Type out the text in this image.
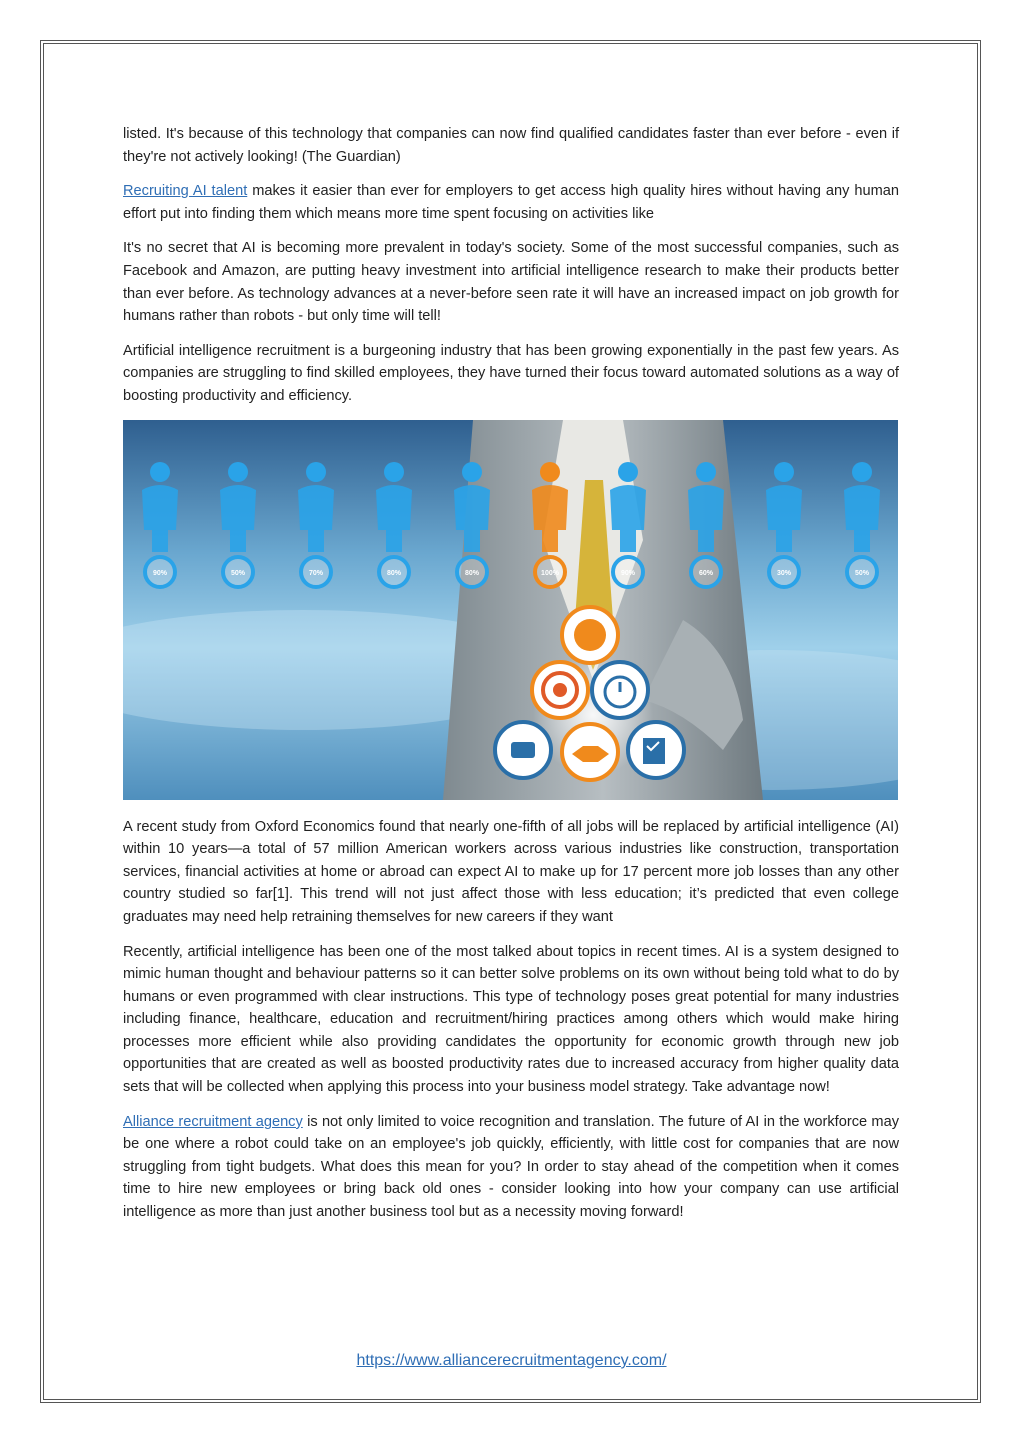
listed. It's because of this technology that companies can now find qualified candidates faster than ever before - even if they're not actively looking! (The Guardian)

Recruiting AI talent makes it easier than ever for employers to get access high quality hires without having any human effort put into finding them which means more time spent focusing on activities like

It's no secret that AI is becoming more prevalent in today's society. Some of the most successful companies, such as Facebook and Amazon, are putting heavy investment into artificial intelligence research to make their products better than ever before. As technology advances at a never-before seen rate it will have an increased impact on job growth for humans rather than robots - but only time will tell!

Artificial intelligence recruitment is a burgeoning industry that has been growing exponentially in the past few years. As companies are struggling to find skilled employees, they have turned their focus toward automated solutions as a way of boosting productivity and efficiency.

90%	50%	70%	80%	80%	100%	90%	60%	30%	50%

A recent study from Oxford Economics found that nearly one-fifth of all jobs will be replaced by artificial intelligence (AI) within 10 years—a total of 57 million American workers across various industries like construction, transportation services, financial activities at home or abroad can expect AI to make up for 17 percent more job losses than any other country studied so far[1]. This trend will not just affect those with less education; it’s predicted that even college graduates may need help retraining themselves for new careers if they want

Recently, artificial intelligence has been one of the most talked about topics in recent times. AI is a system designed to mimic human thought and behaviour patterns so it can better solve problems on its own without being told what to do by humans or even programmed with clear instructions. This type of technology poses great potential for many industries including finance, healthcare, education and recruitment/hiring practices among others which would make hiring processes more efficient while also providing candidates the opportunity for economic growth through new job opportunities that are created as well as boosted productivity rates due to increased accuracy from higher quality data sets that will be collected when applying this process into your business model strategy. Take advantage now!

Alliance recruitment agency is not only limited to voice recognition and translation. The future of AI in the workforce may be one where a robot could take on an employee's job quickly, efficiently, with little cost for companies that are now struggling from tight budgets. What does this mean for you? In order to stay ahead of the competition when it comes time to hire new employees or bring back old ones - consider looking into how your company can use artificial intelligence as more than just another business tool but as a necessity moving forward!

https://www.alliancerecruitmentagency.com/
